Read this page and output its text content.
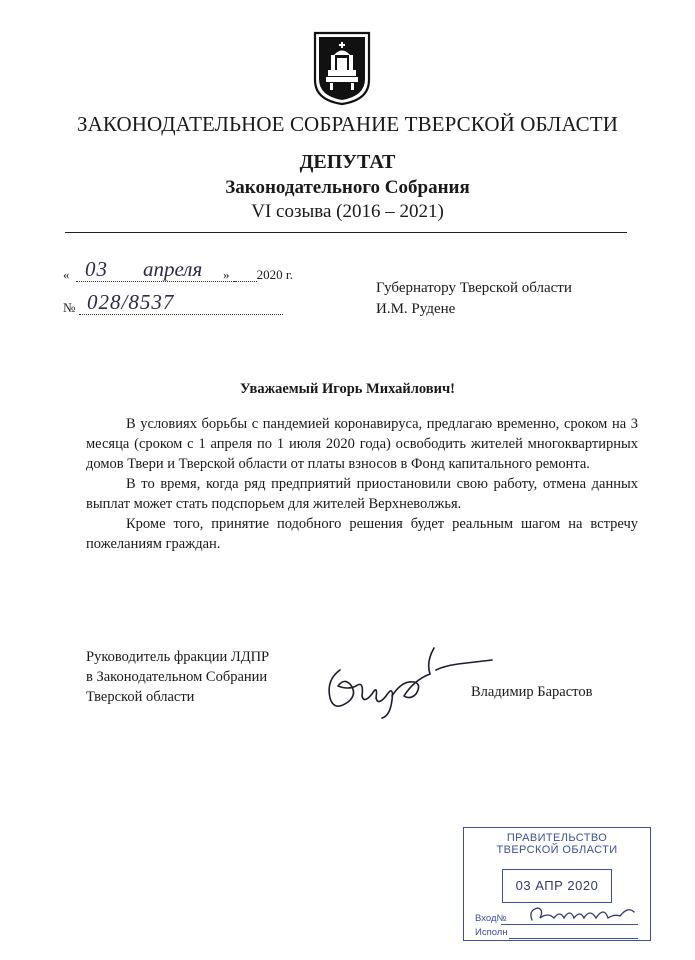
ЗАКОНОДАТЕЛЬНОЕ СОБРАНИЕ ТВЕРСКОЙ ОБЛАСТИ
ДЕПУТАТ
Законодательного Собрания
VI созыва (2016 – 2021)
« 03 апреля » 2020 г.
№ 028/8537
Губернатору Тверской области
И.М. Рудене
Уважаемый Игорь Михайлович!

В условиях борьбы с пандемией коронавируса, предлагаю временно, сроком на 3 месяца (сроком с 1 апреля по 1 июля 2020 года) освободить жителей многоквартирных домов Твери и Тверской области от платы взносов в Фонд капитального ремонта.

В то время, когда ряд предприятий приостановили свою работу, отмена данных выплат может стать подспорьем для жителей Верхневолжья.

Кроме того, принятие подобного решения будет реальным шагом на встречу пожеланиям граждан.

Руководитель фракции ЛДПР
в Законодательном Собрании
Тверской области	Владимир Барастов
ПРАВИТЕЛЬСТВО
ТВЕРСКОЙ ОБЛАСТИ
03 АПР 2020
Вход№
Исполн
